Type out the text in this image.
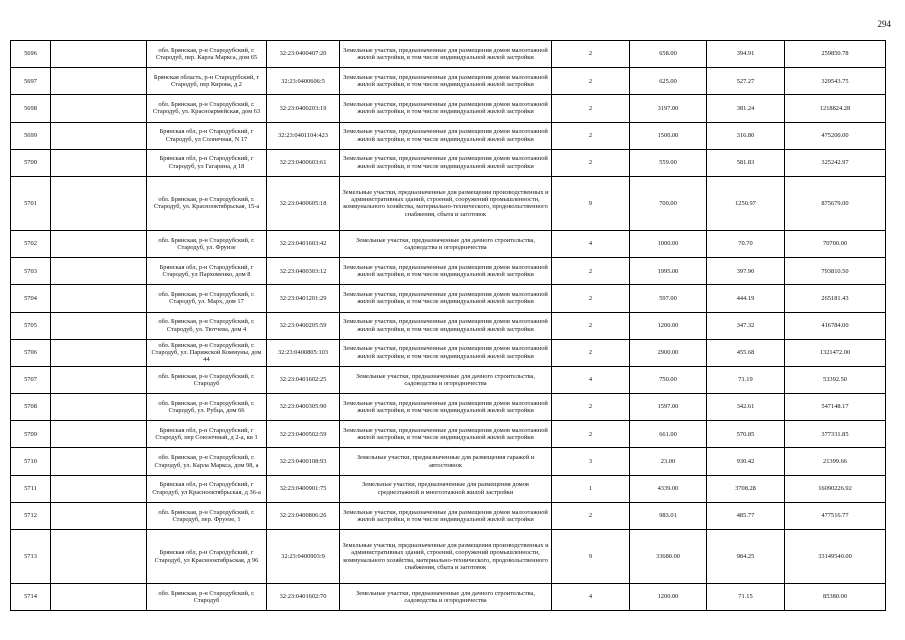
294
5696		обл. Брянская, р-н Стародубский, г. Стародуб, пер. Карла Маркса, дом 65	32:23:0400407:20	Земельные участки, предназначенные для размещения домов малоэтажной жилой застройки, в том числе индивидуальной жилой застройки	2	658.00	394.91	259850.78
5697		Брянская область, р-н Стародубский, г Стародуб, пер Кирова, д 2	32:23:0400606:5	Земельные участки, предназначенные для размещения домов малоэтажной жилой застройки, в том числе индивидуальной жилой застройки	2	625.00	527.27	329543.75
5698		обл. Брянская, р-н Стародубский, г. Стародуб, ул. Красноармейская, дом 63	32:23:0400203:19	Земельные участки, предназначенные для размещения домов малоэтажной жилой застройки, в том числе индивидуальной жилой застройки	2	3197.00	381.24	1218824.28
5699		Брянская обл, р-н Стародубский, г Стародуб, ул Солнечная, N 17	32:23:0401104:423	Земельные участки, предназначенные для размещения домов малоэтажной жилой застройки, в том числе индивидуальной жилой застройки	2	1500.00	316.80	475200.00
5700		Брянская обл, р-н Стародубский, г Стародуб, ул Гагарина, д 18	32:23:0400603:61	Земельные участки, предназначенные для размещения домов малоэтажной жилой застройки, в том числе индивидуальной жилой застройки	2	559.00	581.83	325242.97
5701		обл. Брянская, р-н Стародубский, г. Стародуб, ул. Краснооктябрьская, 15-а	32:23:0400605:18	Земельные участки, предназначенные для размещения производственных и административных зданий, строений, сооружений промышленности, коммунального хозяйства, материально-технического, продовольственного снабжения, сбыта и заготовок	9	700.00	1250.97	875679.00
5702		обл. Брянская, р-н Стародубский, г. Стародуб, ул. Фрунзе	32:23:0401603:42	Земельные участки, предназначенные для дачного строительства, садоводства и огородничества	4	1000.00	70.70	70700.00
5703		Брянская обл, р-н Стародубский, г Стародуб, ул Пархоменко, дом 8	32:23:0400303:12	Земельные участки, предназначенные для размещения домов малоэтажной жилой застройки, в том числе индивидуальной жилой застройки	2	1995.00	397.90	793810.50
5704		обл. Брянская, р-н Стародубский, г. Стародуб, ул. Марх, дом 17	32:23:0401201:29	Земельные участки, предназначенные для размещения домов малоэтажной жилой застройки, в том числе индивидуальной жилой застройки	2	597.00	444.19	265181.43
5705		обл. Брянская, р-н Стародубский, г. Стародуб, ул. Тютчева, дом 4	32:23:0400205:59	Земельные участки, предназначенные для размещения домов малоэтажной жилой застройки, в том числе индивидуальной жилой застройки	2	1200.00	347.32	416784.00
5706		обл. Брянская, р-н Стародубский, г. Стародуб, ул. Парижской Коммуны, дом 44	32:23:0400805:103	Земельные участки, предназначенные для размещения домов малоэтажной жилой застройки, в том числе индивидуальной жилой застройки	2	2900.00	455.68	1321472.00
5707		обл. Брянская, р-н Стародубский, г. Стародуб	32:23:0401602:25	Земельные участки, предназначенные для дачного строительства, садоводства и огородничества	4	750.00	71.19	53392.50
5708		обл. Брянская, р-н Стародубский, г. Стародуб, ул. Рубца, дом 66	32:23:0400305:90	Земельные участки, предназначенные для размещения домов малоэтажной жилой застройки, в том числе индивидуальной жилой застройки	2	1597.00	342.61	547148.17
5709		Брянская обл, р-н Стародубский, г Стародуб, пер Союзочный, д 2-а, кв 1	32:23:0400502:59	Земельные участки, предназначенные для размещения домов малоэтажной жилой застройки, в том числе индивидуальной жилой застройки	2	661.00	570.85	377331.85
5710		обл. Брянская, р-н Стародубский, г. Стародуб, ул. Карла Маркса, дом 98, а	32:23:0400108:93	Земельные участки, предназначенные для размещения гаражей и автостоянок	3	23.00	930.42	21399.66
5711		Брянская обл, р-н Стародубский, г Стародуб, ул Краснооктябрьская, д 36-а	32:23:0400901:75	Земельные участки, предназначенные для размещения домов среднеэтажной и многоэтажной жилой застройки	1	4339.00	3708.28	16090226.92
5712		обл. Брянская, р-н Стародубский, г. Стародуб, пер. Фрунзе, 1	32:23:0400806:26	Земельные участки, предназначенные для размещения домов малоэтажной жилой застройки, в том числе индивидуальной жилой застройки	2	983.01	485.77	477516.77
5713		Брянская обл, р-н Стародубский, г Стародуб, ул Краснооктябрьская, д 96	32:23:0400903:9	Земельные участки, предназначенные для размещения производственных и административных зданий, строений, сооружений промышленности, коммунального хозяйства, материально-технического, продовольственного снабжения, сбыта и заготовок	9	33680.00	984.25	33149540.00
5714		обл. Брянская, р-н Стародубский, г. Стародуб	32:23:0401602:70	Земельные участки, предназначенные для дачного строительства, садоводства и огородничества	4	1200.00	71.15	85380.00
